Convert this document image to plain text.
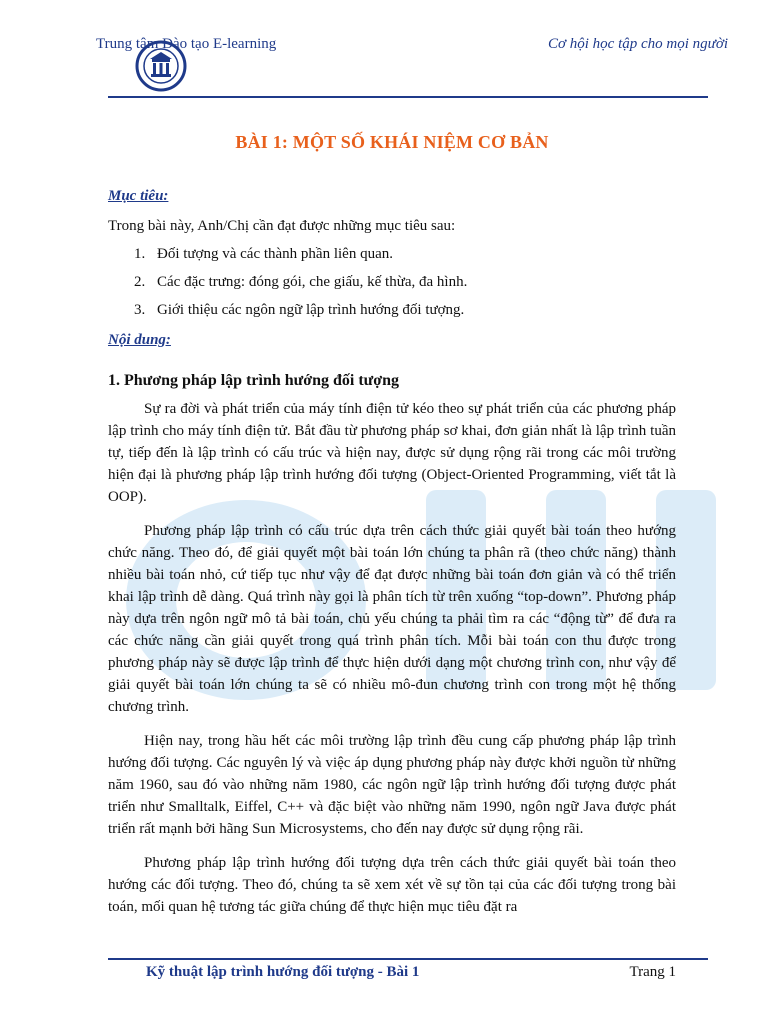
Trung tâm Đào tạo E-learning	Cơ hội học tập cho mọi người
BÀI 1: MỘT SỐ KHÁI NIỆM CƠ BẢN
Mục tiêu:
Trong bài này, Anh/Chị cần đạt được những mục tiêu sau:
1. Đối tượng và các thành phần liên quan.
2. Các đặc trưng: đóng gói, che giấu, kế thừa, đa hình.
3. Giới thiệu các ngôn ngữ lập trình hướng đối tượng.
Nội dung:
1. Phương pháp lập trình hướng đối tượng

Sự ra đời và phát triển của máy tính điện tử kéo theo sự phát triển của các phương pháp lập trình cho máy tính điện tử. Bắt đầu từ phương pháp sơ khai, đơn giản nhất là lập trình tuần tự, tiếp đến là lập trình có cấu trúc và hiện nay, được sử dụng rộng rãi trong các môi trường hiện đại là phương pháp lập trình hướng đối tượng (Object-Oriented Programming, viết tắt là OOP).

Phương pháp lập trình có cấu trúc dựa trên cách thức giải quyết bài toán theo hướng chức năng. Theo đó, để giải quyết một bài toán lớn chúng ta phân rã (theo chức năng) thành nhiều bài toán nhỏ, cứ tiếp tục như vậy để đạt được những bài toán đơn giản và có thể triển khai lập trình dễ dàng. Quá trình này gọi là phân tích từ trên xuống “top-down”. Phương pháp này dựa trên ngôn ngữ mô tả bài toán, chủ yếu chúng ta phải tìm ra các “động từ” để đưa ra các chức năng cần giải quyết trong quá trình phân tích. Mỗi bài toán con thu được trong phương pháp này sẽ được lập trình để thực hiện dưới dạng một chương trình con, như vậy để giải quyết bài toán lớn chúng ta sẽ có nhiều mô-đun chương trình con trong một hệ thống chương trình.

Hiện nay, trong hầu hết các môi trường lập trình đều cung cấp phương pháp lập trình hướng đối tượng. Các nguyên lý và việc áp dụng phương pháp này được khởi nguồn từ những năm 1960, sau đó vào những năm 1980, các ngôn ngữ lập trình hướng đối tượng được phát triển như Smalltalk, Eiffel, C++ và đặc biệt vào những năm 1990, ngôn ngữ Java được phát triển rất mạnh bởi hãng Sun Microsystems, cho đến nay được sử dụng rộng rãi.

Phương pháp lập trình hướng đối tượng dựa trên cách thức giải quyết bài toán theo hướng các đối tượng. Theo đó, chúng ta sẽ xem xét về sự tồn tại của các đối tượng trong bài toán, mối quan hệ tương tác giữa chúng để thực hiện mục tiêu đặt ra

Kỹ thuật lập trình hướng đối tượng - Bài 1	Trang 1
